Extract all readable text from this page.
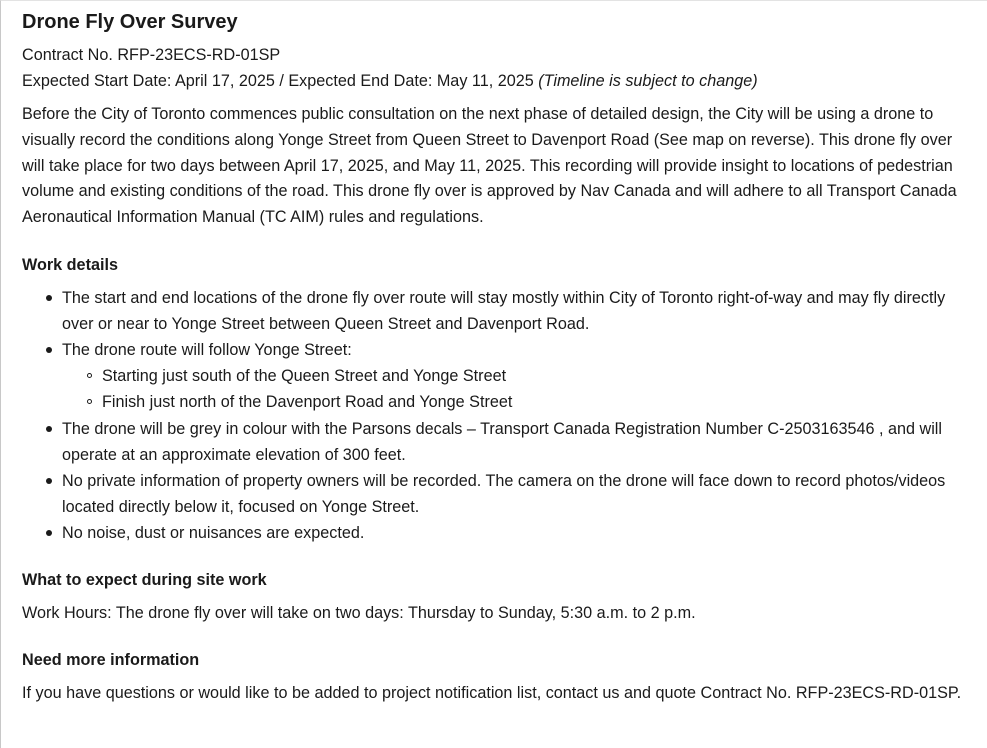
Drone Fly Over Survey

Contract No. RFP-23ECS-RD-01SP

Expected Start Date: April 17, 2025 / Expected End Date: May 11, 2025 (Timeline is subject to change)

Before the City of Toronto commences public consultation on the next phase of detailed design, the City will be using a drone to visually record the conditions along Yonge Street from Queen Street to Davenport Road (See map on reverse). This drone fly over will take place for two days between April 17, 2025, and May 11, 2025. This recording will provide insight to locations of pedestrian volume and existing conditions of the road. This drone fly over is approved by Nav Canada and will adhere to all Transport Canada Aeronautical Information Manual (TC AIM) rules and regulations.

Work details
The start and end locations of the drone fly over route will stay mostly within City of Toronto right-of-way and may fly directly over or near to Yonge Street between Queen Street and Davenport Road.
The drone route will follow Yonge Street:
Starting just south of the Queen Street and Yonge Street
Finish just north of the Davenport Road and Yonge Street
The drone will be grey in colour with the Parsons decals – Transport Canada Registration Number C-2503163546 , and will operate at an approximate elevation of 300 feet.
No private information of property owners will be recorded. The camera on the drone will face down to record photos/videos located directly below it, focused on Yonge Street.
No noise, dust or nuisances are expected.
What to expect during site work

Work Hours: The drone fly over will take on two days: Thursday to Sunday, 5:30 a.m. to 2 p.m.

Need more information

If you have questions or would like to be added to project notification list, contact us and quote Contract No. RFP-23ECS-RD-01SP.
